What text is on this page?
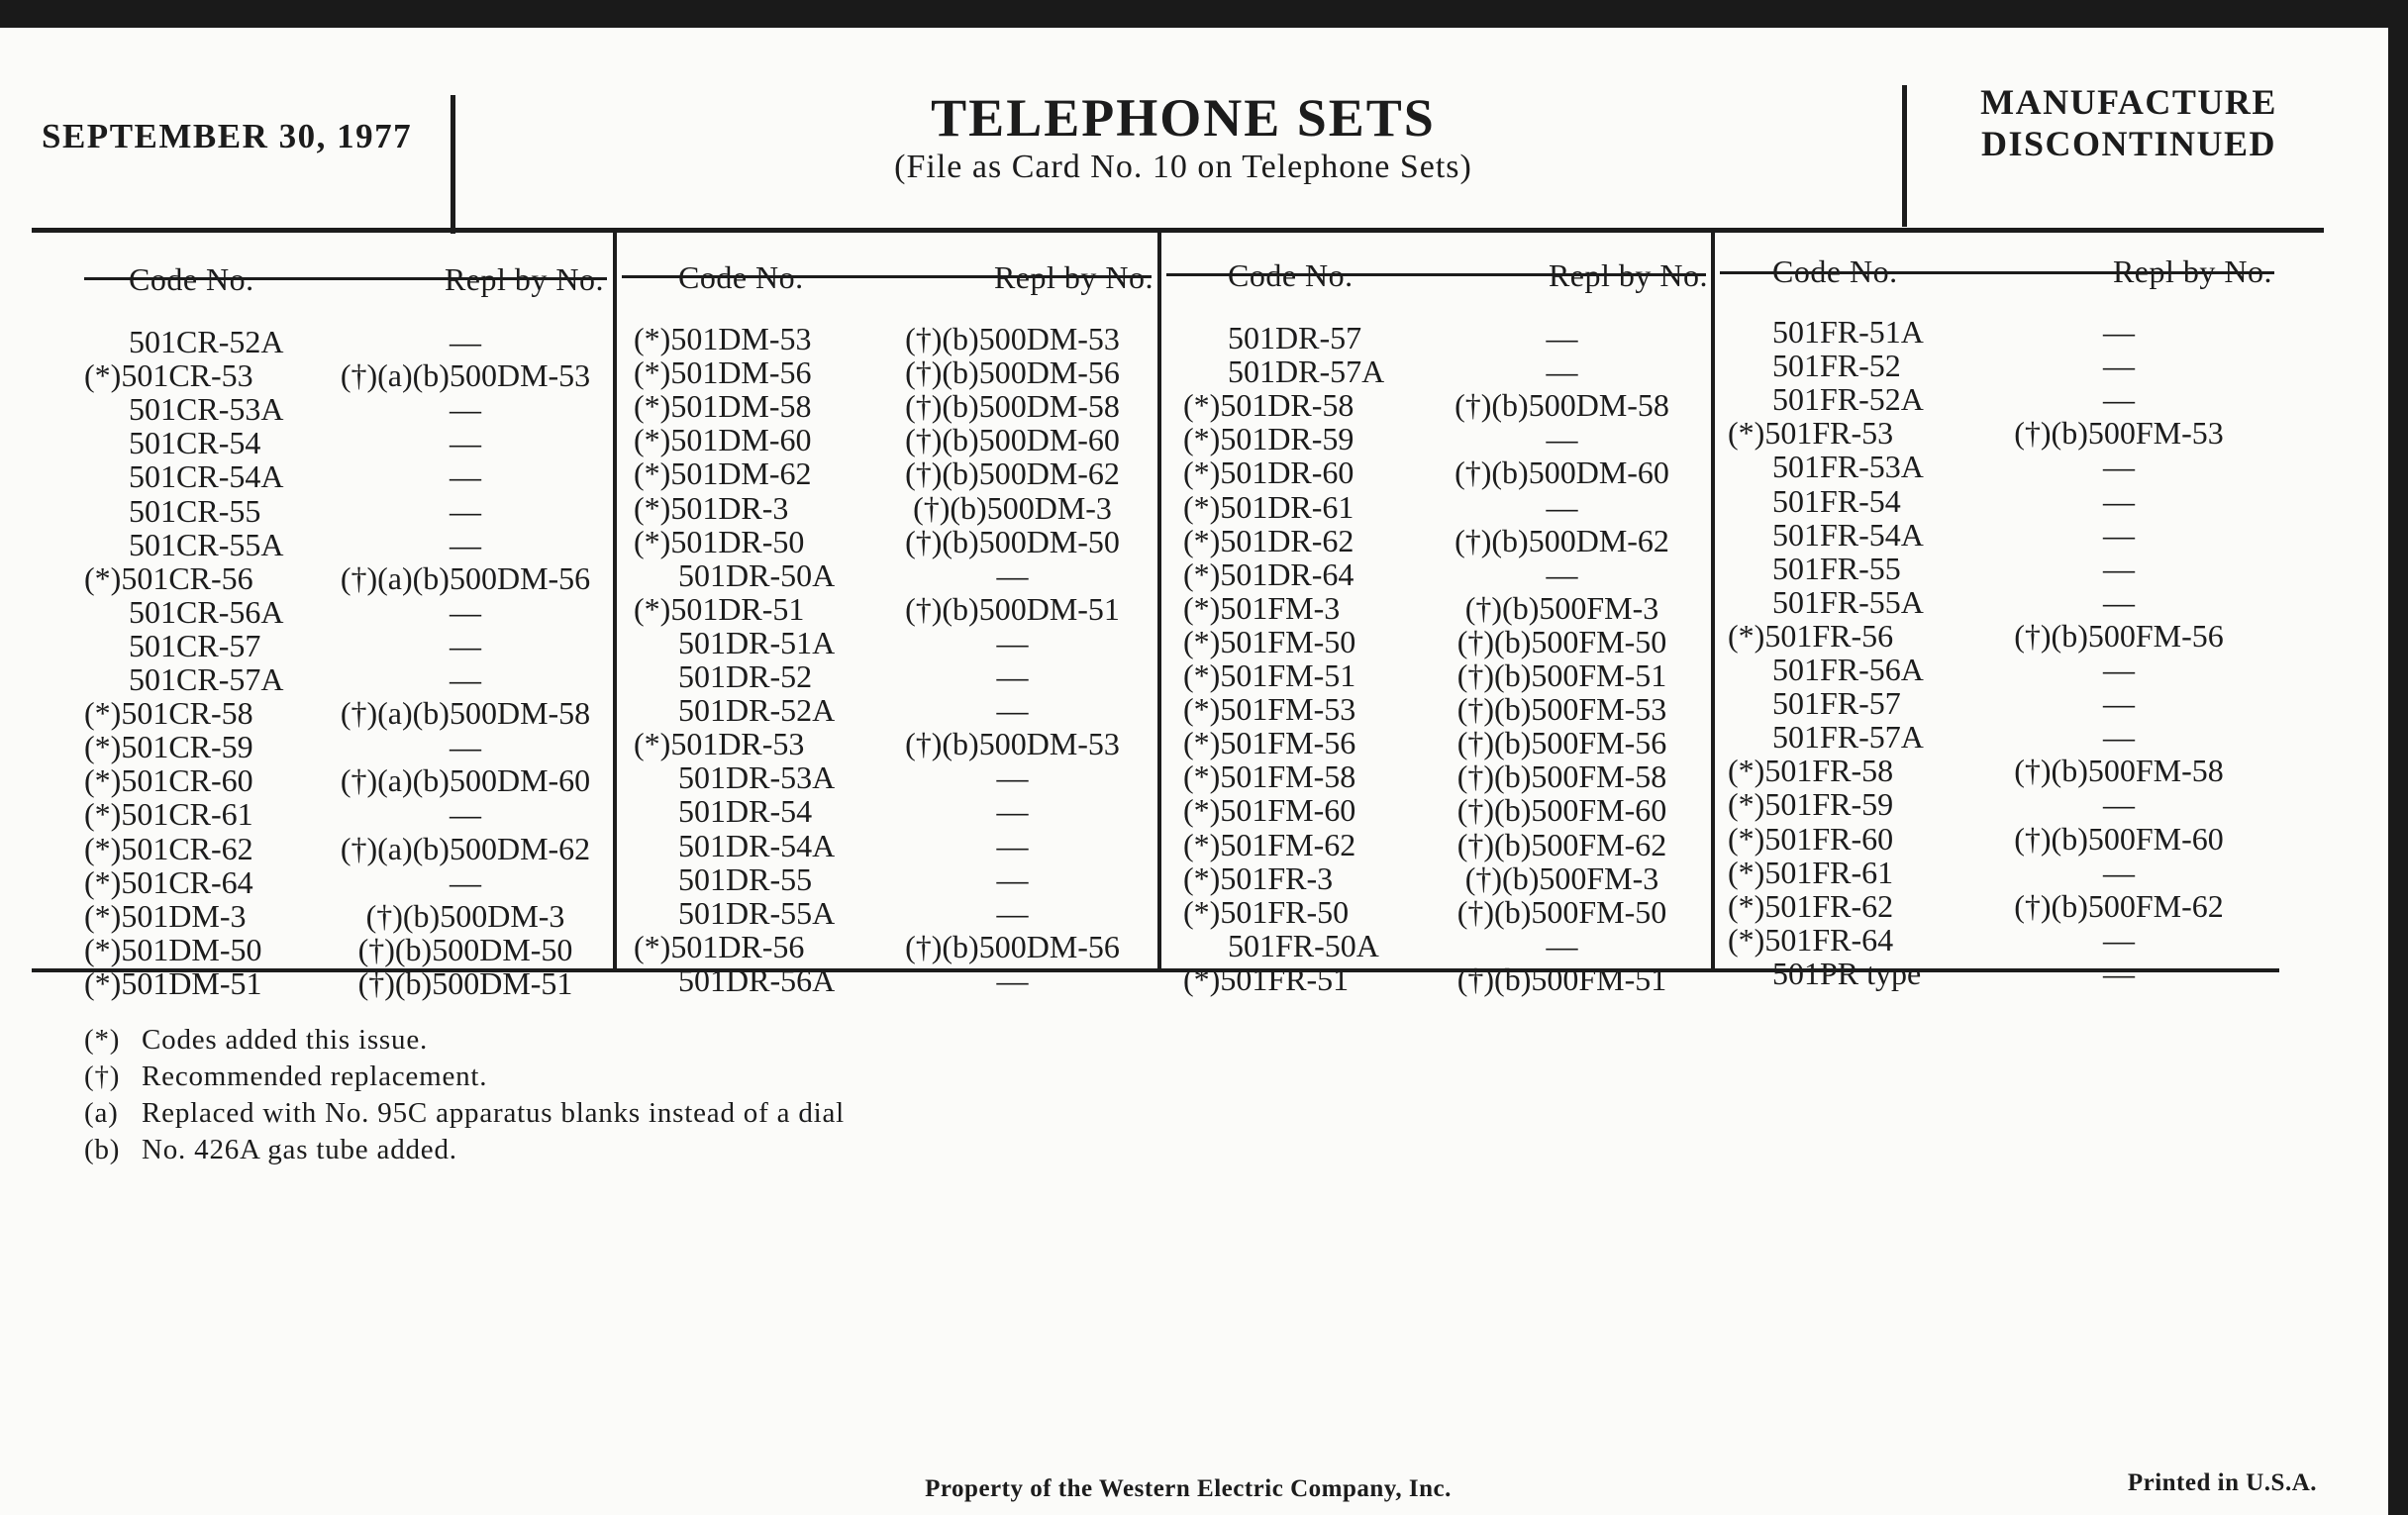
SEPTEMBER 30, 1977	TELEPHONE SETS
(File as Card No. 10 on Telephone Sets)
MANUFACTURE
DISCONTINUED
Code No.	Repl by No.
501CR-52A	—
(*)501CR-53	(†)(a)(b)500DM-53
501CR-53A	—
501CR-54	—
501CR-54A	—
501CR-55	—
501CR-55A	—
(*)501CR-56	(†)(a)(b)500DM-56
501CR-56A	—
501CR-57	—
501CR-57A	—
(*)501CR-58	(†)(a)(b)500DM-58
(*)501CR-59	—
(*)501CR-60	(†)(a)(b)500DM-60
(*)501CR-61	—
(*)501CR-62	(†)(a)(b)500DM-62
(*)501CR-64	—
(*)501DM-3	(†)(b)500DM-3
(*)501DM-50	(†)(b)500DM-50
(*)501DM-51	(†)(b)500DM-51
Code No.	Repl by No.
(*)501DM-53	(†)(b)500DM-53
(*)501DM-56	(†)(b)500DM-56
(*)501DM-58	(†)(b)500DM-58
(*)501DM-60	(†)(b)500DM-60
(*)501DM-62	(†)(b)500DM-62
(*)501DR-3	(†)(b)500DM-3
(*)501DR-50	(†)(b)500DM-50
501DR-50A	—
(*)501DR-51	(†)(b)500DM-51
501DR-51A	—
501DR-52	—
501DR-52A	—
(*)501DR-53	(†)(b)500DM-53
501DR-53A	—
501DR-54	—
501DR-54A	—
501DR-55	—
501DR-55A	—
(*)501DR-56	(†)(b)500DM-56
501DR-56A	—
Code No.	Repl by No.
501DR-57	—
501DR-57A	—
(*)501DR-58	(†)(b)500DM-58
(*)501DR-59	—
(*)501DR-60	(†)(b)500DM-60
(*)501DR-61	—
(*)501DR-62	(†)(b)500DM-62
(*)501DR-64	—
(*)501FM-3	(†)(b)500FM-3
(*)501FM-50	(†)(b)500FM-50
(*)501FM-51	(†)(b)500FM-51
(*)501FM-53	(†)(b)500FM-53
(*)501FM-56	(†)(b)500FM-56
(*)501FM-58	(†)(b)500FM-58
(*)501FM-60	(†)(b)500FM-60
(*)501FM-62	(†)(b)500FM-62
(*)501FR-3	(†)(b)500FM-3
(*)501FR-50	(†)(b)500FM-50
501FR-50A	—
(*)501FR-51	(†)(b)500FM-51
Code No.	Repl by No.
501FR-51A	—
501FR-52	—
501FR-52A	—
(*)501FR-53	(†)(b)500FM-53
501FR-53A	—
501FR-54	—
501FR-54A	—
501FR-55	—
501FR-55A	—
(*)501FR-56	(†)(b)500FM-56
501FR-56A	—
501FR-57	—
501FR-57A	—
(*)501FR-58	(†)(b)500FM-58
(*)501FR-59	—
(*)501FR-60	(†)(b)500FM-60
(*)501FR-61	—
(*)501FR-62	(†)(b)500FM-62
(*)501FR-64	—
501PR type	—
(*) Codes added this issue.
(†) Recommended replacement.
(a) Replaced with No. 95C apparatus blanks instead of a dial
(b) No. 426A gas tube added.
Property of the Western Electric Company, Inc.	Printed in U.S.A.
